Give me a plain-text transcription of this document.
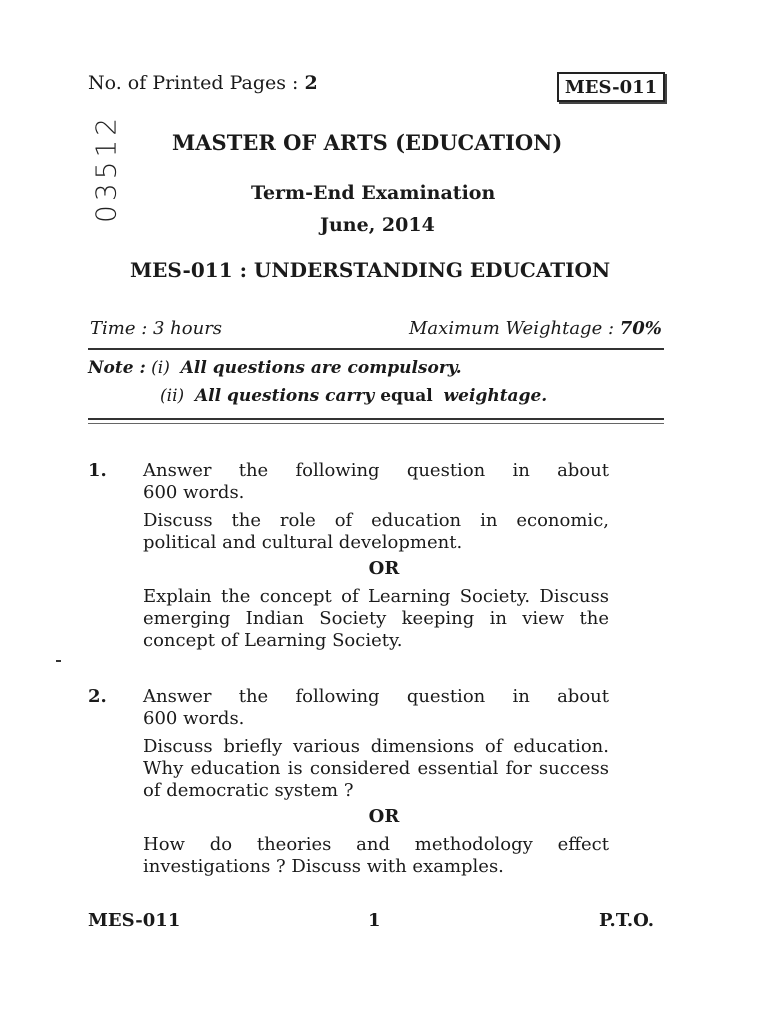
No. of Printed Pages : 2	MES-011
03512 MASTER OF ARTS (EDUCATION)
Term-End Examination
June, 2014
MES-011 : UNDERSTANDING EDUCATION
Time : 3 hours	Maximum Weightage : 70%
Note : (i) All questions are compulsory.
(ii) All questions carry equal weightage.
1. Answer the following question in about
600 words.
Discuss the role of education in economic,
political and cultural development.
OR
Explain the concept of Learning Society. Discuss
emerging Indian Society keeping in view the
concept of Learning Society.
2. Answer the following question in about
600 words.
Discuss briefly various dimensions of education.
Why education is considered essential for success
of democratic system ?
OR
How do theories and methodology effect
investigations ? Discuss with examples.
MES-011	1	P.T.O.
